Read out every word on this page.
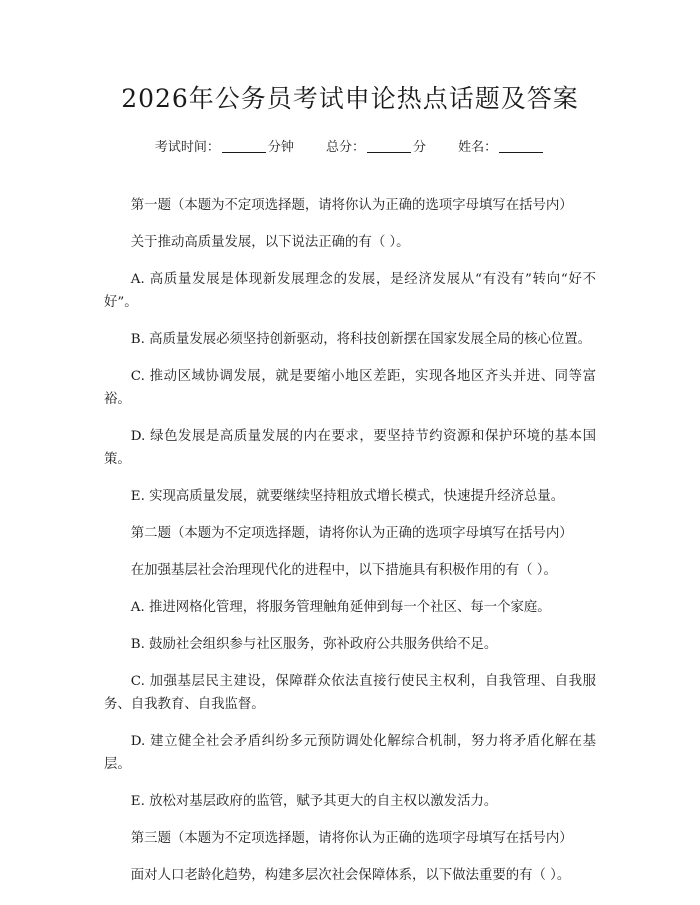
2026年公务员考试申论热点话题及答案
考试时间：	分钟 总分：	分 姓名：

第一题（本题为不定项选择题，请将你认为正确的选项字母填写在括号内）

关于推动高质量发展，以下说法正确的有（ ）。

A. 高质量发展是体现新发展理念的发展，是经济发展从“有没有”转向“好不好”。

B. 高质量发展必须坚持创新驱动，将科技创新摆在国家发展全局的核心位置。

C. 推动区域协调发展，就是要缩小地区差距，实现各地区齐头并进、同等富裕。

D. 绿色发展是高质量发展的内在要求，要坚持节约资源和保护环境的基本国策。

E. 实现高质量发展，就要继续坚持粗放式增长模式，快速提升经济总量。

第二题（本题为不定项选择题，请将你认为正确的选项字母填写在括号内）

在加强基层社会治理现代化的进程中，以下措施具有积极作用的有（ ）。

A. 推进网格化管理，将服务管理触角延伸到每一个社区、每一个家庭。

B. 鼓励社会组织参与社区服务，弥补政府公共服务供给不足。

C. 加强基层民主建设，保障群众依法直接行使民主权利，自我管理、自我服务、自我教育、自我监督。

D. 建立健全社会矛盾纠纷多元预防调处化解综合机制，努力将矛盾化解在基层。

E. 放松对基层政府的监管，赋予其更大的自主权以激发活力。

第三题（本题为不定项选择题，请将你认为正确的选项字母填写在括号内）

面对人口老龄化趋势，构建多层次社会保障体系，以下做法重要的有（ ）。
